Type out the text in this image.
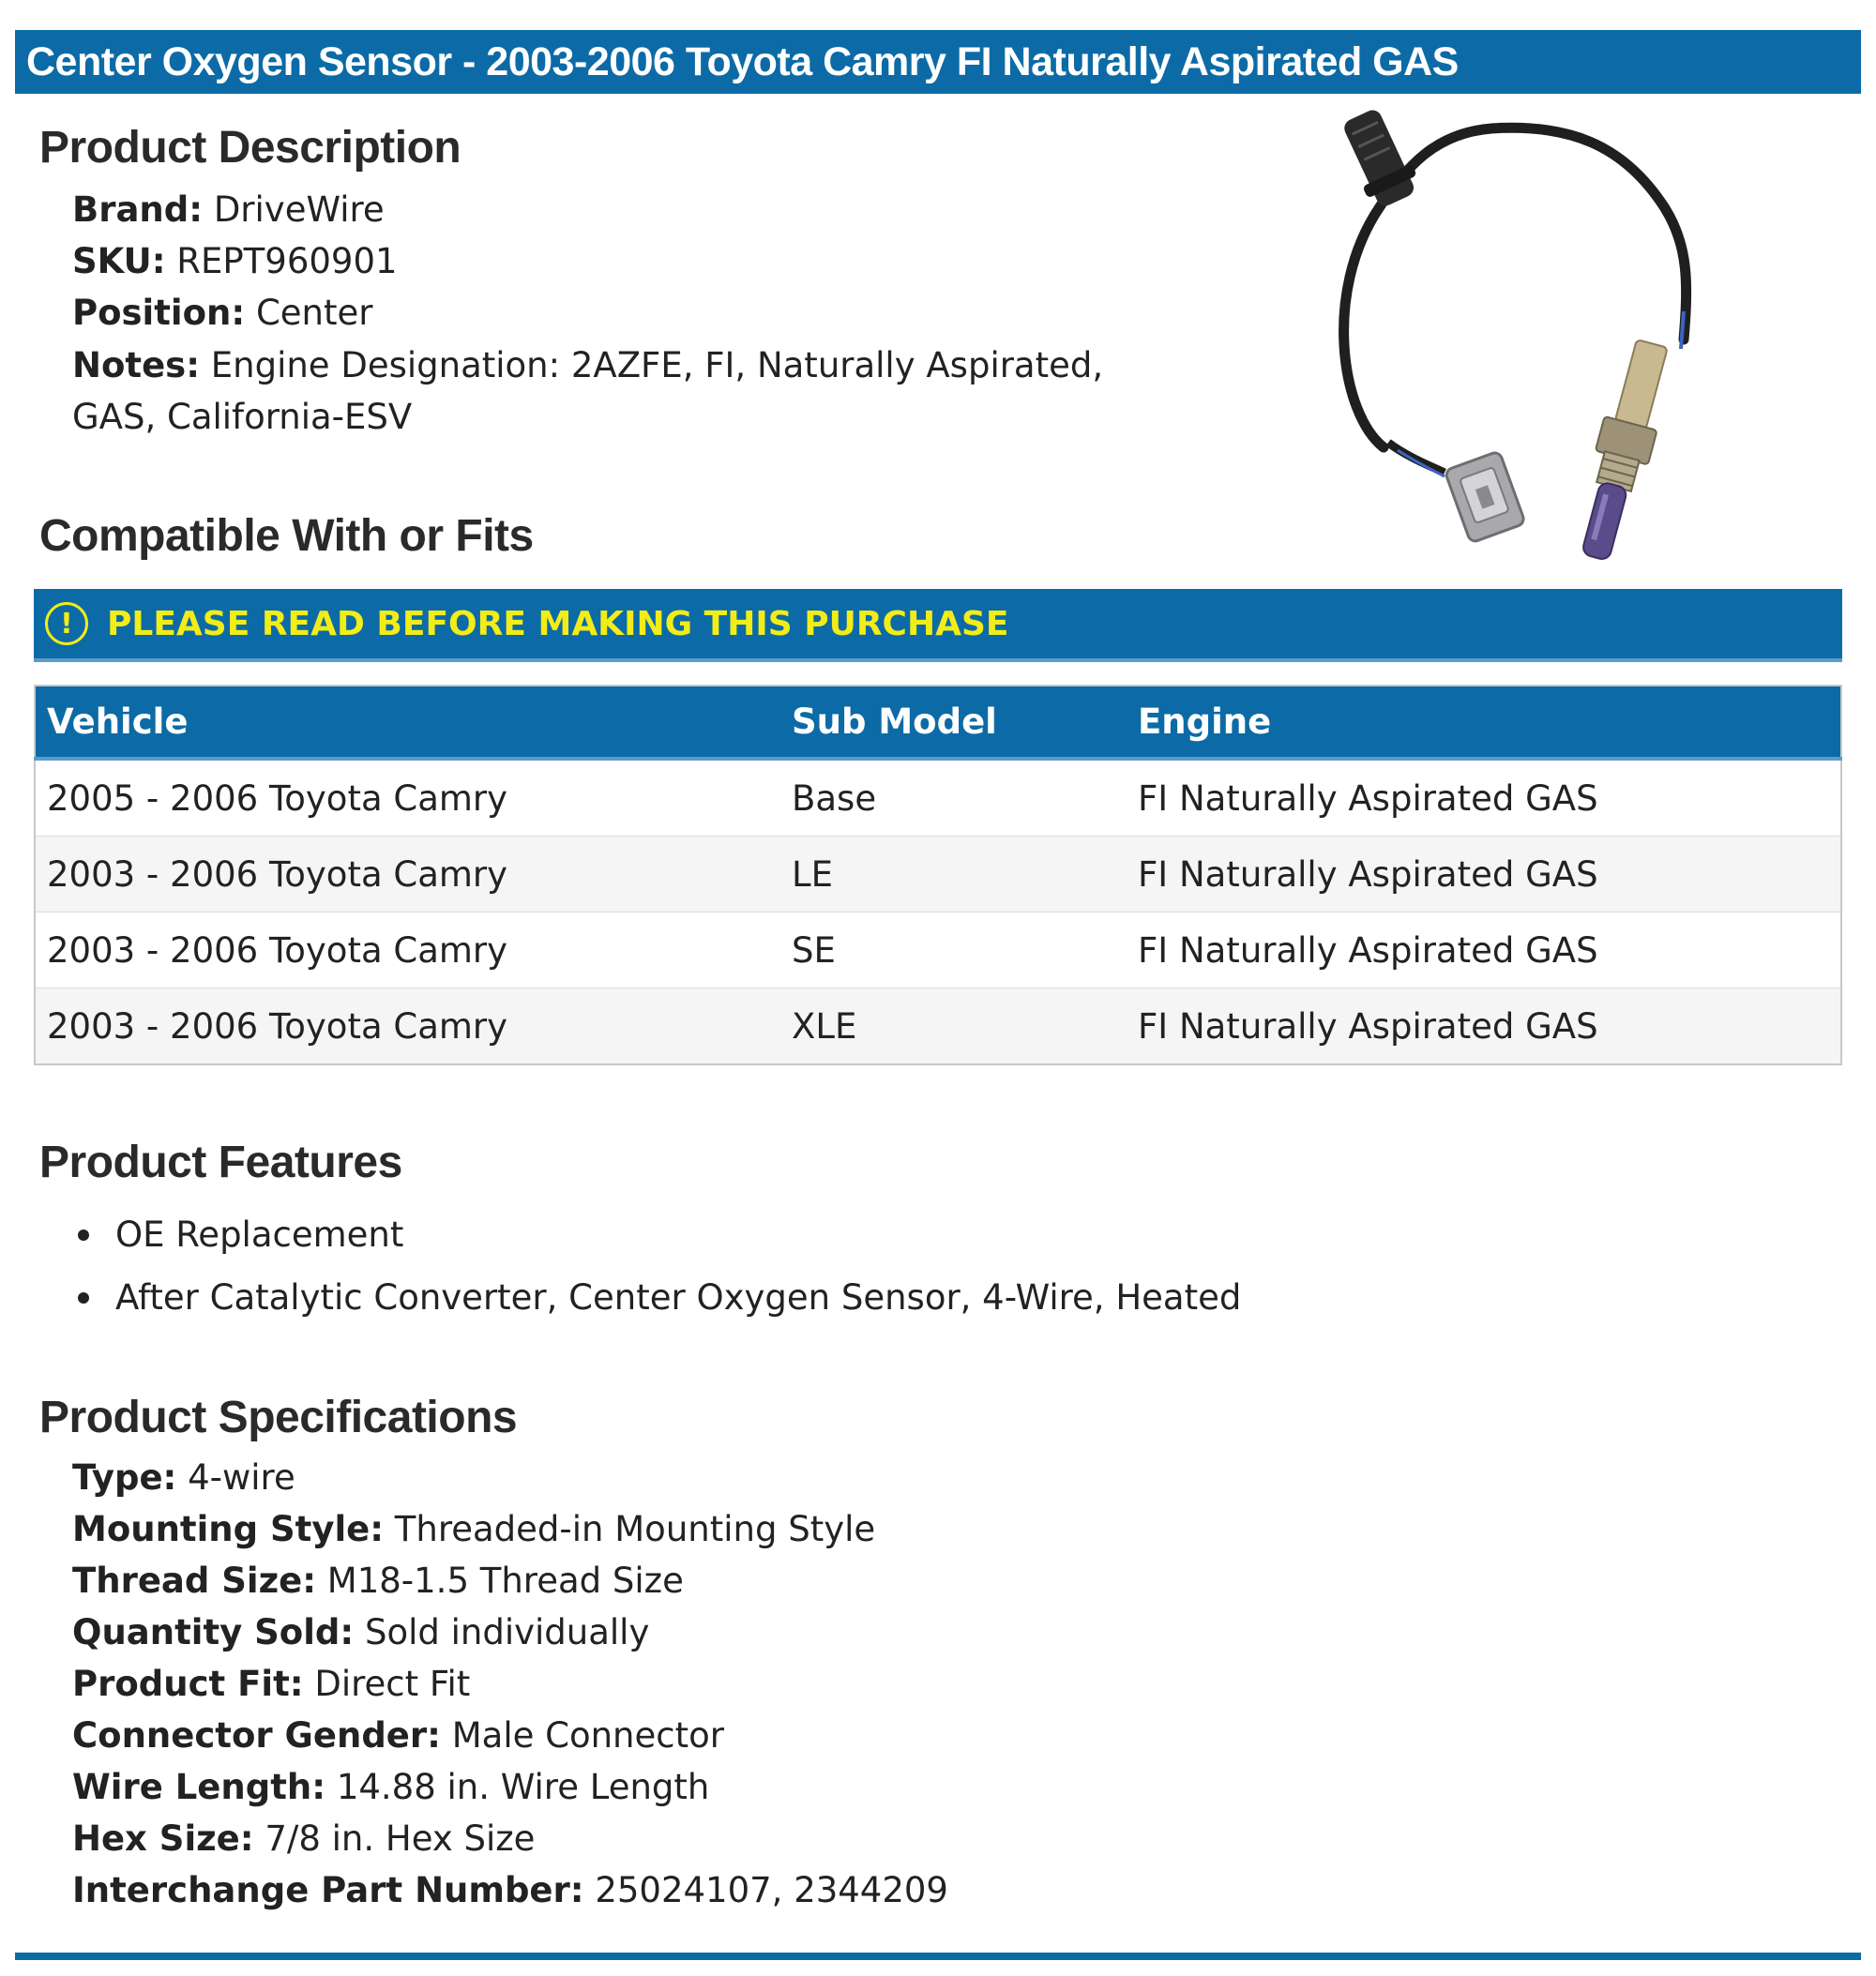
Center Oxygen Sensor - 2003-2006 Toyota Camry FI Naturally Aspirated GAS
Product Description
Brand: DriveWire
SKU: REPT960901
Position: Center
Notes: Engine Designation: 2AZFE, FI, Naturally Aspirated, GAS, California-ESV
Compatible With or Fits
!	PLEASE READ BEFORE MAKING THIS PURCHASE
Vehicle	Sub Model	Engine
2005 - 2006 Toyota Camry	Base	FI Naturally Aspirated GAS
2003 - 2006 Toyota Camry	LE	FI Naturally Aspirated GAS
2003 - 2006 Toyota Camry	SE	FI Naturally Aspirated GAS
2003 - 2006 Toyota Camry	XLE	FI Naturally Aspirated GAS
Product Features
OE Replacement
After Catalytic Converter, Center Oxygen Sensor, 4-Wire, Heated
Product Specifications
Type: 4-wire
Mounting Style: Threaded-in Mounting Style
Thread Size: M18-1.5 Thread Size
Quantity Sold: Sold individually
Product Fit: Direct Fit
Connector Gender: Male Connector
Wire Length: 14.88 in. Wire Length
Hex Size: 7/8 in. Hex Size
Interchange Part Number: 25024107, 2344209
